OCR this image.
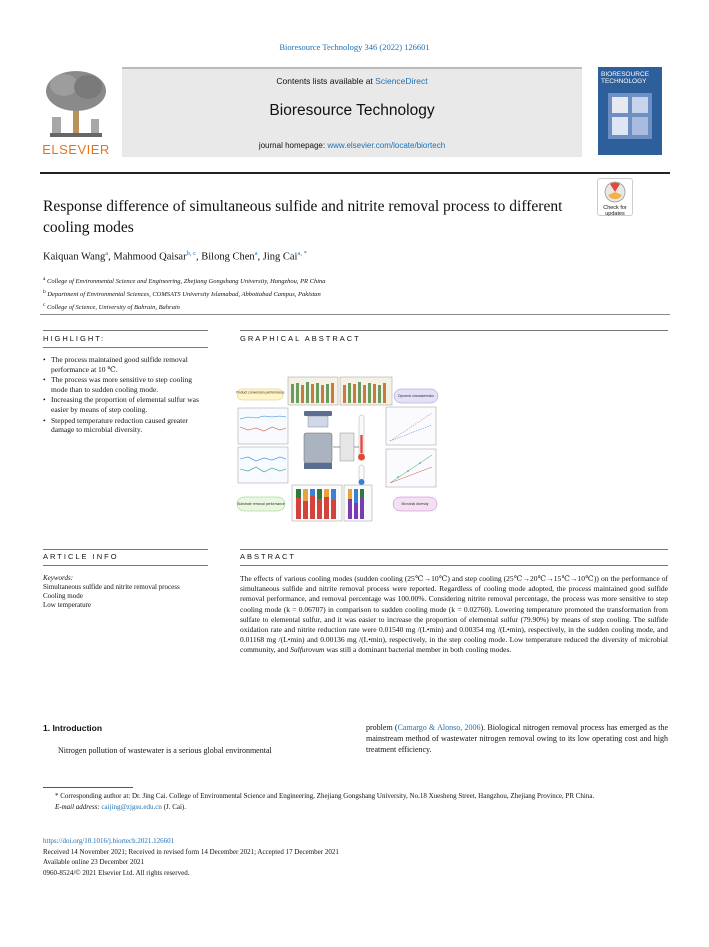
Bioresource Technology 346 (2022) 126601
ELSEVIER
Contents lists available at ScienceDirect
Bioresource Technology
journal homepage: www.elsevier.com/locate/biortech
BIORESOURCE TECHNOLOGY
Check for
updates
Response difference of simultaneous sulfide and nitrite removal process to different cooling modes
Kaiquan Wang$^a$, Mahmood Qaisar$^{b, c}$, Bilong Chen$^a$, Jing Cai$^{a, *}$
$^a$ College of Environmental Science and Engineering, Zhejiang Gongshang University, Hangzhou, PR China
$^b$ Department of Environmental Sciences, COMSATS University Islamabad, Abbottabad Campus, Pakistan
$^c$ College of Science, University of Bahrain, Bahrain
HIGHLIGHT:
• The process maintained good sulfide removal performance at 10 ℃.
• The process was more sensitive to step cooling mode than to sudden cooling mode.
• Increasing the proportion of elemental sulfur was easier by means of step cooling.
• Stepped temperature reduction caused greater damage to microbial diversity.
GRAPHICAL ABSTRACT
Product conversion performance
Dynamic characteristics
Substrate removal performance	Microbial diversity
ARTICLE INFO	ABSTRACT
Keywords:
Simultaneous sulfide and nitrite removal process
Cooling mode
Low temperature
The effects of various cooling modes (sudden cooling (25℃→10℃) and step cooling (25℃→20℃→15℃→10℃)) on the performance of simultaneous sulfide and nitrite removal process were reported. Regardless of cooling mode adopted, the process maintained good sulfide removal performance, and removal percentage was 100.00%. Considering nitrite removal percentage, the process was more sensitive to step cooling mode (k = 0.06707) in comparison to sudden cooling mode (k = 0.02760). Lowering temperature promoted the transformation from sulfate to elemental sulfur, and it was easier to increase the proportion of elemental sulfur (79.90%) by means of step cooling. The sulfide oxidation rate and nitrite reduction rate were 0.01540 mg /(L•min) and 0.00354 mg /(L•min), respectively, in the sudden cooling mode, and 0.01168 mg /(L•min) and 0.00136 mg /(L•min), respectively, in the step cooling mode. Low temperature reduced the diversity of microbial community, and Sulfurovum was still a dominant bacterial member in both cooling modes.
1. Introduction
Nitrogen pollution of wastewater is a serious global environmental
problem (Camargo & Alonso, 2006). Biological nitrogen removal process has emerged as the mainstream method of wastewater nitrogen removal owing to its low operating cost and high treatment efficiency.
* Corresponding author at: Dr. Jing Cai. College of Environmental Science and Engineering, Zhejiang Gongshang University, No.18 Xuesheng Street, Hangzhou, Zhejiang Province, PR China.
E-mail address: caijing@zjgsu.edu.cn (J. Cai).
https://doi.org/10.1016/j.biortech.2021.126601
Received 14 November 2021; Received in revised form 14 December 2021; Accepted 17 December 2021
Available online 23 December 2021
0960-8524/© 2021 Elsevier Ltd. All rights reserved.
